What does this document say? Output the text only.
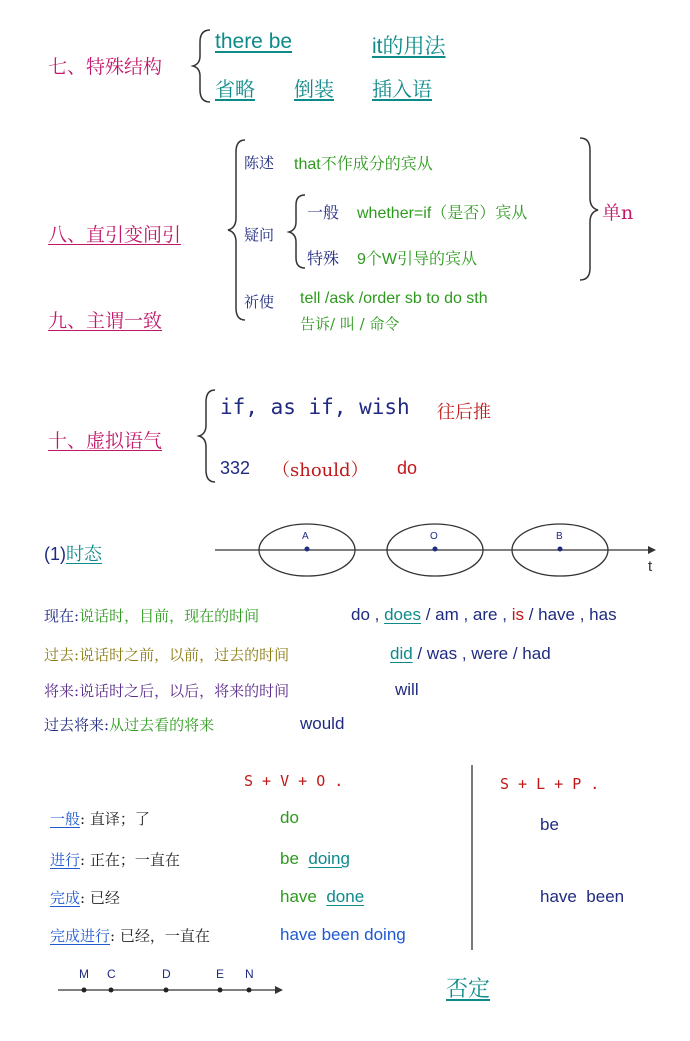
七、特殊结构
there be	it的用法
省略 倒装 插入语
八、直引变间引
陈述 that不作成分的宾从
疑问
一般 whether=if（是否）宾从
特殊 9个W引导的宾从
单n
祈使 tell /ask /order sb to do sth
告诉/ 叫 / 命令
九、主谓一致
十、虚拟语气
if, as if, wish 往后推
332 （should） do
(1)时态
A	O	B
t
现在:说话时，目前，现在的时间	do , does / am , are , is / have , has
过去:说话时之前，以前，过去的时间	did / was , were / had
将来:说话时之后，以后，将来的时间	will
过去将来:从过去看的将来	would
S + V + O .
一般: 直译；了	do
进行: 正在；一直在	be doing
完成: 已经	have done
完成进行: 已经，一直在	have been doing
S + L + P .
be
have  been
M C	D	E N
否定
